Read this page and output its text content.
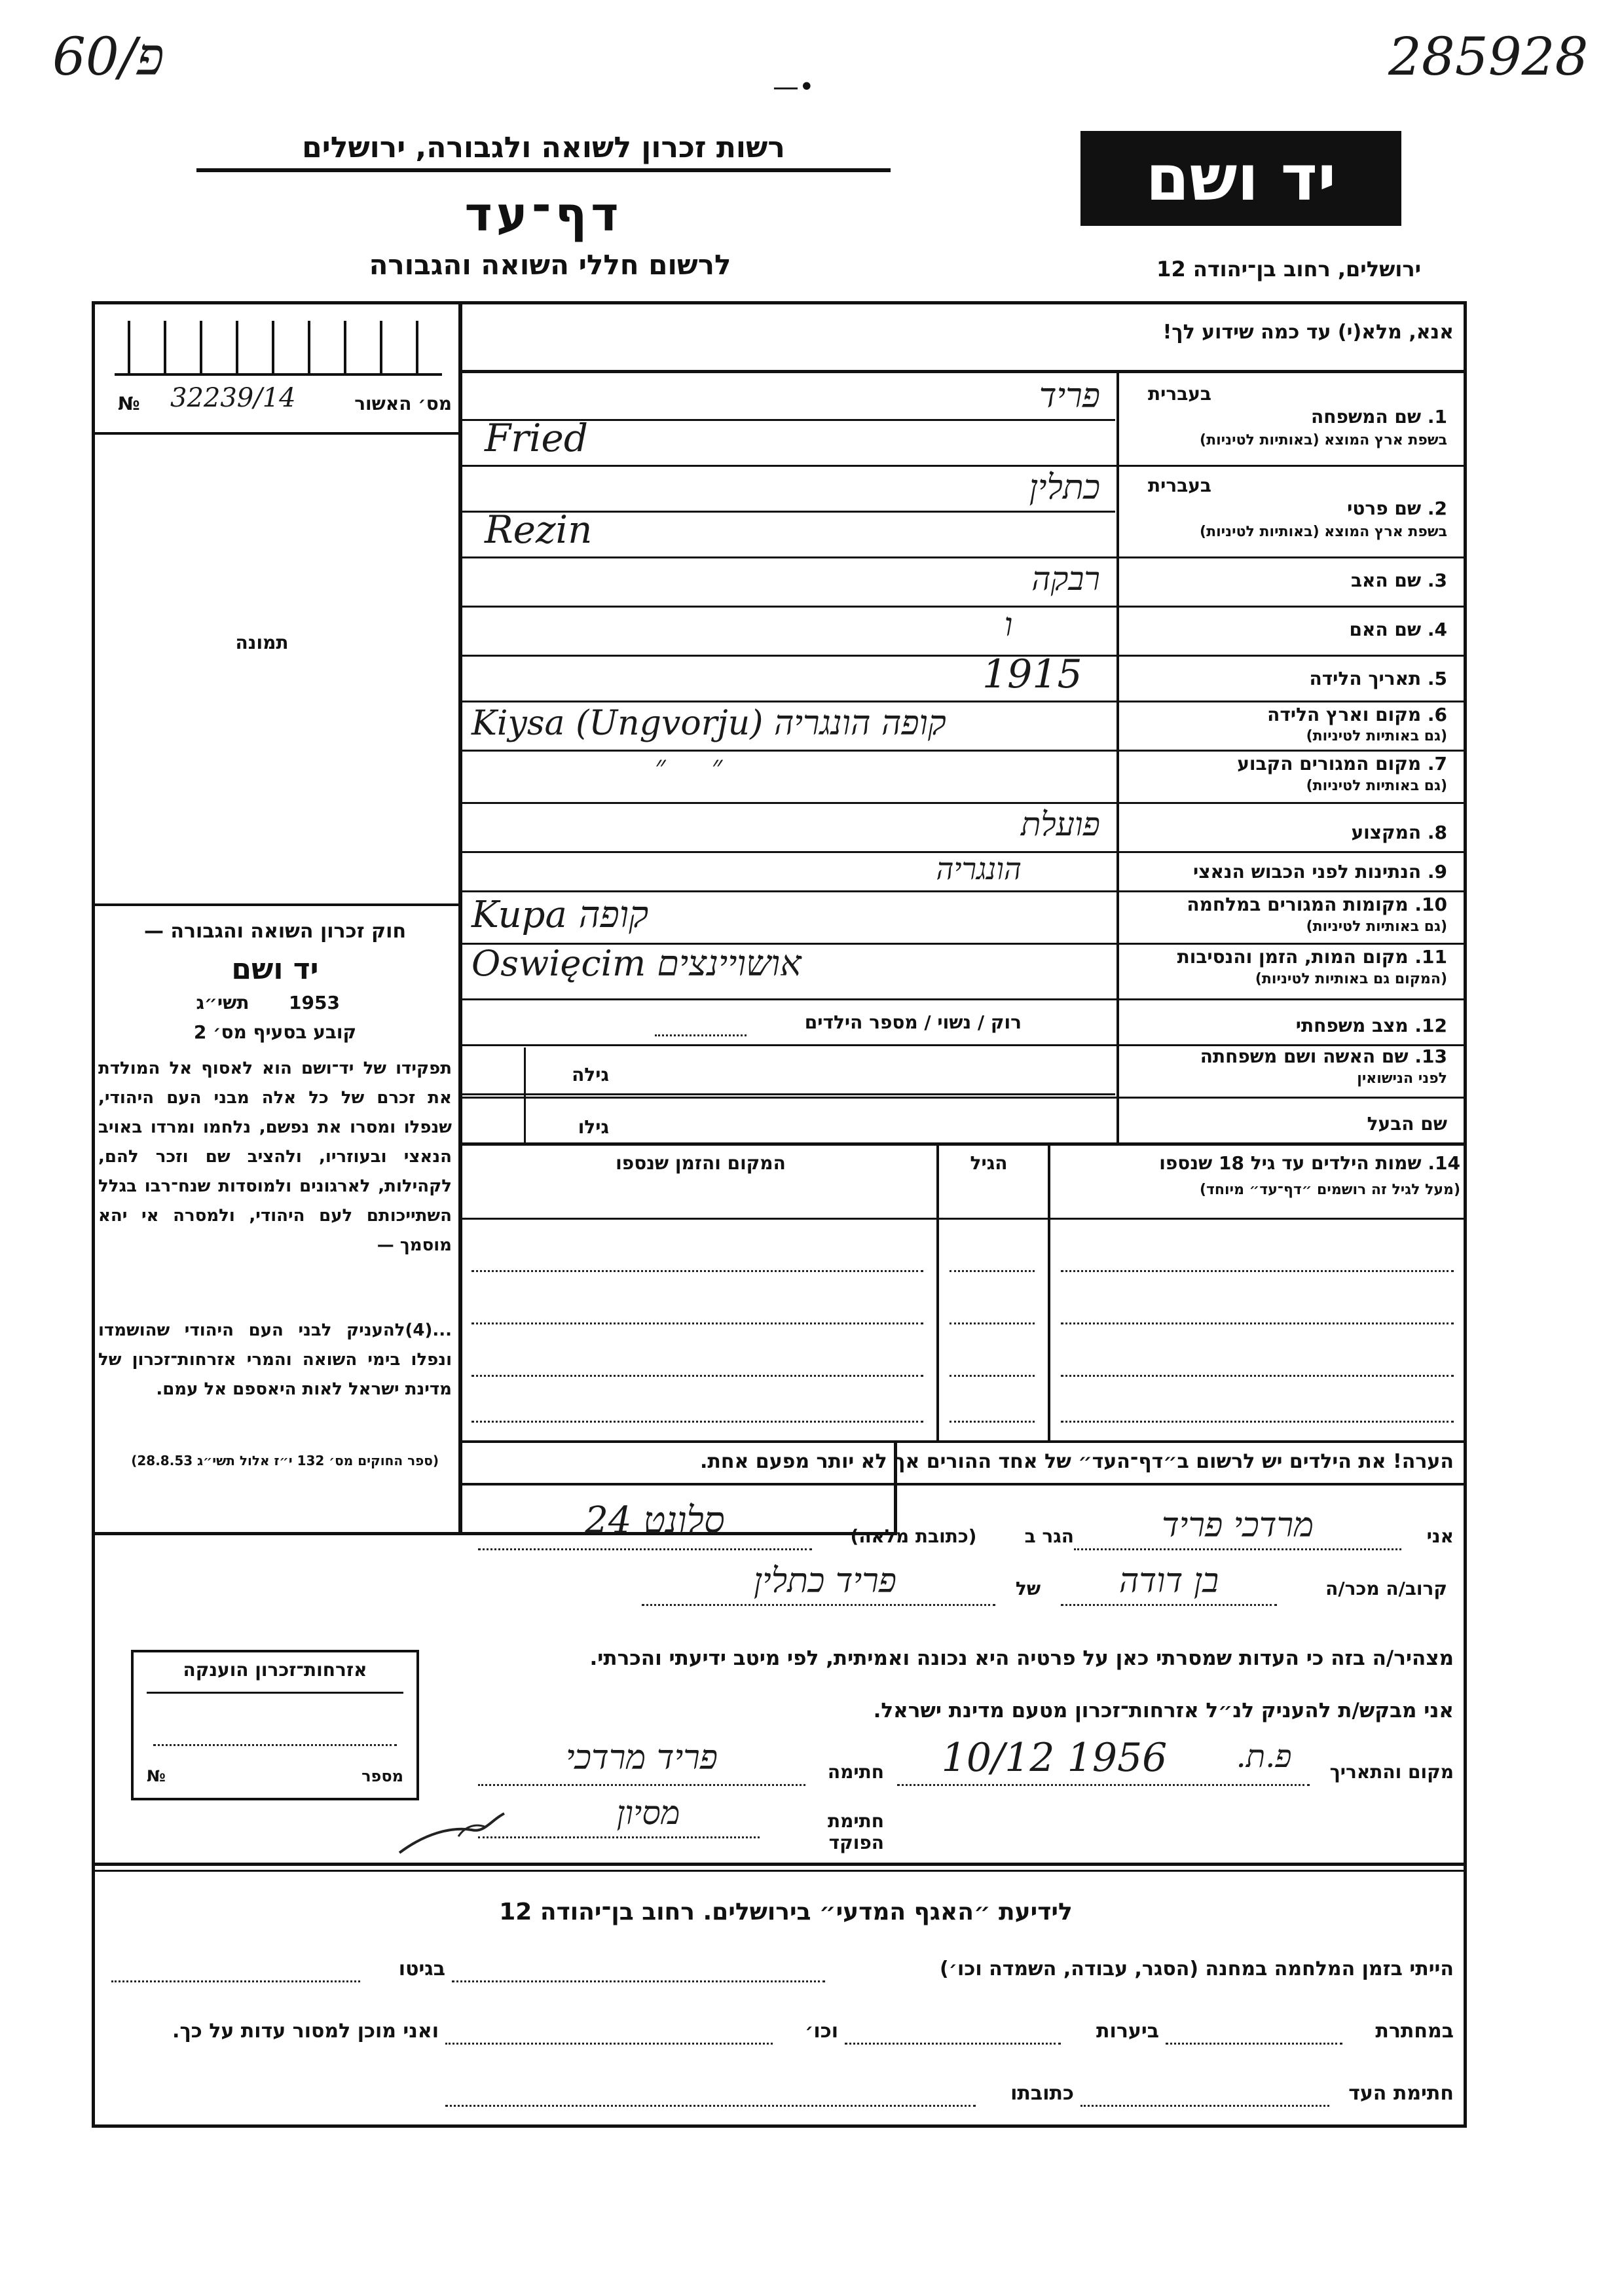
60/פ	285928
—•
רשות זכרון לשואה ולגבורה, ירושלים
דף־עד
לרשום חללי השואה והגבורה
יד ושם
ירושלים, רחוב בן־יהודה 12
מס׳ האשור
№ 32239/14
תמונה
חוק זכרון השואה והגבורה —
יד ושם
תשי״ג	1953
קובע בסעיף מס׳ 2
תפקידו של יד־ושם הוא לאסוף אל המולדת את זכרם של כל אלה מבני העם היהודי, שנפלו ומסרו את נפשם, נלחמו ומרדו באויב הנאצי ובעוזריו, ולהציב שם וזכר להם, לקהילות, לארגונים ולמוסדות שנח־רבו בגלל השתייכותם לעם היהודי, ולמסרה אי יהא מוסמך —
...(4)להעניק לבני העם היהודי שהושמדו ונפלו בימי השואה והמרי אזרחות־זכרון של מדינת ישראל לאות היאספם אל עמם.
(ספר החוקים מס׳ 132 י״ז אלול תשי״ג 28.8.53)
אזרחות־זכרון הוענקה
מספר
№
אנא, מלא(י) עד כמה שידוע לך!
בעברית
1. שם המשפחה
בשפת ארץ המוצא (באותיות לטיניות)
פריד
Fried
בעברית
2. שם פרטי
בשפת ארץ המוצא (באותיות לטיניות)
כתלין
Rezin
3. שם האב
רבקה
4. שם האם
ו
5. תאריך הלידה
1915
6. מקום וארץ הלידה
(גם באותיות לטיניות)
Kiysa (Ungvorju) קופה הונגריה
7. מקום המגורים הקבוע
(גם באותיות לטיניות)
״     ״
8. המקצוע
פועלת
9. הנתינות לפני הכבוש הנאצי
הונגריה
10. מקומות המגורים במלחמה
(גם באותיות לטיניות)
Kupa קופה
11. מקום המות, הזמן והנסיבות
(המקום גם באותיות לטיניות)
Oswięcim אושויינצים
12. מצב משפחתי
רוק / נשוי / מספר הילדים
13. שם האשה ושם משפחתה
לפני הנישואין
גילה
שם הבעל
גילו
14. שמות הילדים עד גיל 18 שנספו
(מעל לגיל זה רושמים ״דף־עד״ מיוחד)
הגיל
המקום והזמן שנספו
הערה! את הילדים יש לרשום ב״דף־העד״ של אחד ההורים אך לא יותר מפעם אחת.
אני
מרדכי פריד
הגר ב
(כתובת מלאה)
סלונט 24
קרוב/ה מכר/ה
בן דודה
של
פריד כתלין
מצהיר/ה בזה כי העדות שמסרתי כאן על פרטיה היא נכונה ואמיתית, לפי מיטב ידיעתי והכרתי.
אני מבקש/ת להעניק לנ״ל אזרחות־זכרון מטעם מדינת ישראל.
מקום והתאריך
פ.ת.
10/12 1956
חתימה
פריד מרדכי
חתימת הפוקד
מסיון
לידיעת ״האגף המדעי״ בירושלים. רחוב בן־יהודה 12
הייתי בזמן המלחמה במחנה (הסגר, עבודה, השמדה וכו׳)
בגיטו
במחתרת
ביערות
וכו׳
ואני מוכן למסור עדות על כך.
חתימת העד
כתובתו
